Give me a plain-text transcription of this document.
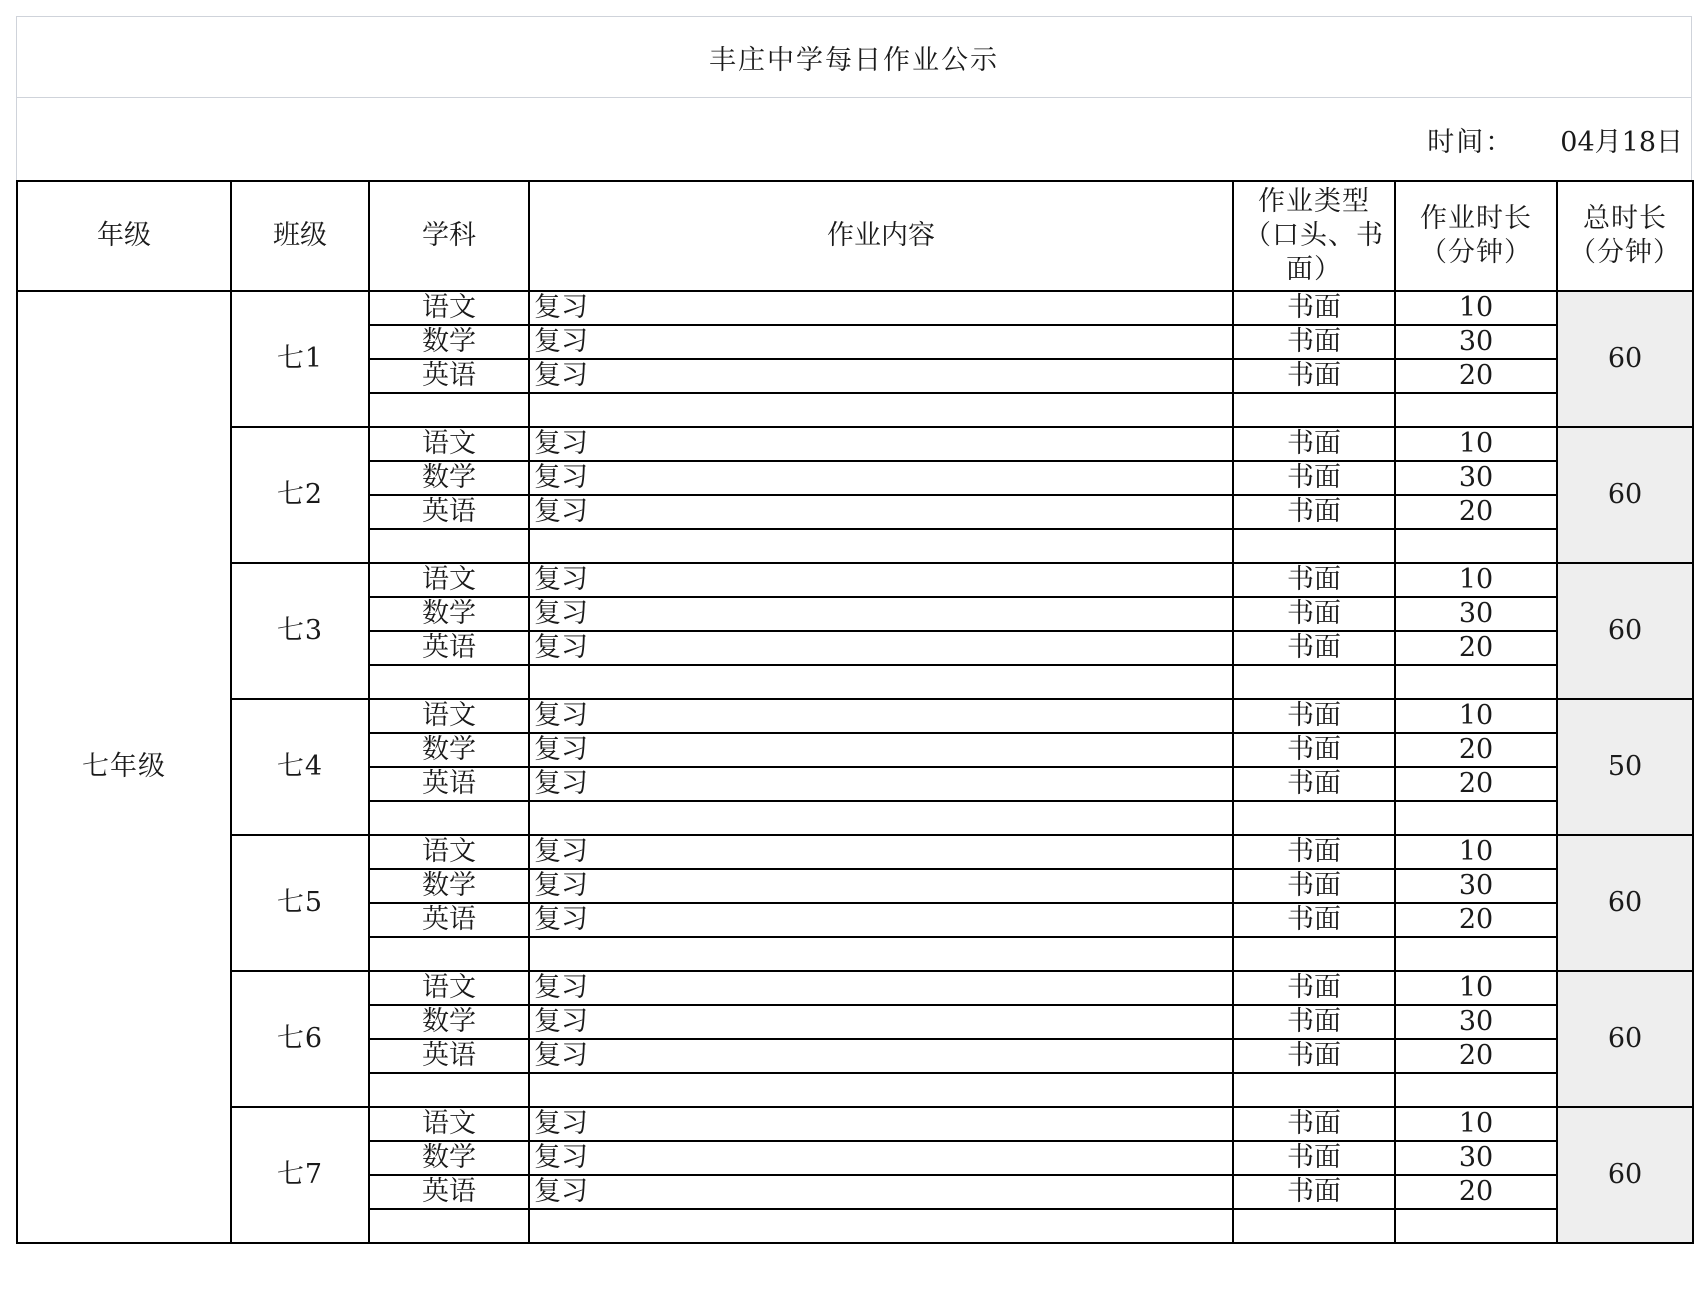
丰庄中学每日作业公示
时间： 04月18日
年级	班级	学科	作业内容	作业类型（口头、书面）	作业时长（分钟）	总时长（分钟）
七年级	七1	语文	复习	书面	10	60
		数学	复习	书面	30	
		英语	复习	书面	20	

	七2	语文	复习	书面	10	60
		数学	复习	书面	30	
		英语	复习	书面	20	

	七3	语文	复习	书面	10	60
		数学	复习	书面	30	
		英语	复习	书面	20	

	七4	语文	复习	书面	10	50
		数学	复习	书面	20	
		英语	复习	书面	20	

	七5	语文	复习	书面	10	60
		数学	复习	书面	30	
		英语	复习	书面	20	

	七6	语文	复习	书面	10	60
		数学	复习	书面	30	
		英语	复习	书面	20	

	七7	语文	复习	书面	10	60
		数学	复习	书面	30	
		英语	复习	书面	20	
